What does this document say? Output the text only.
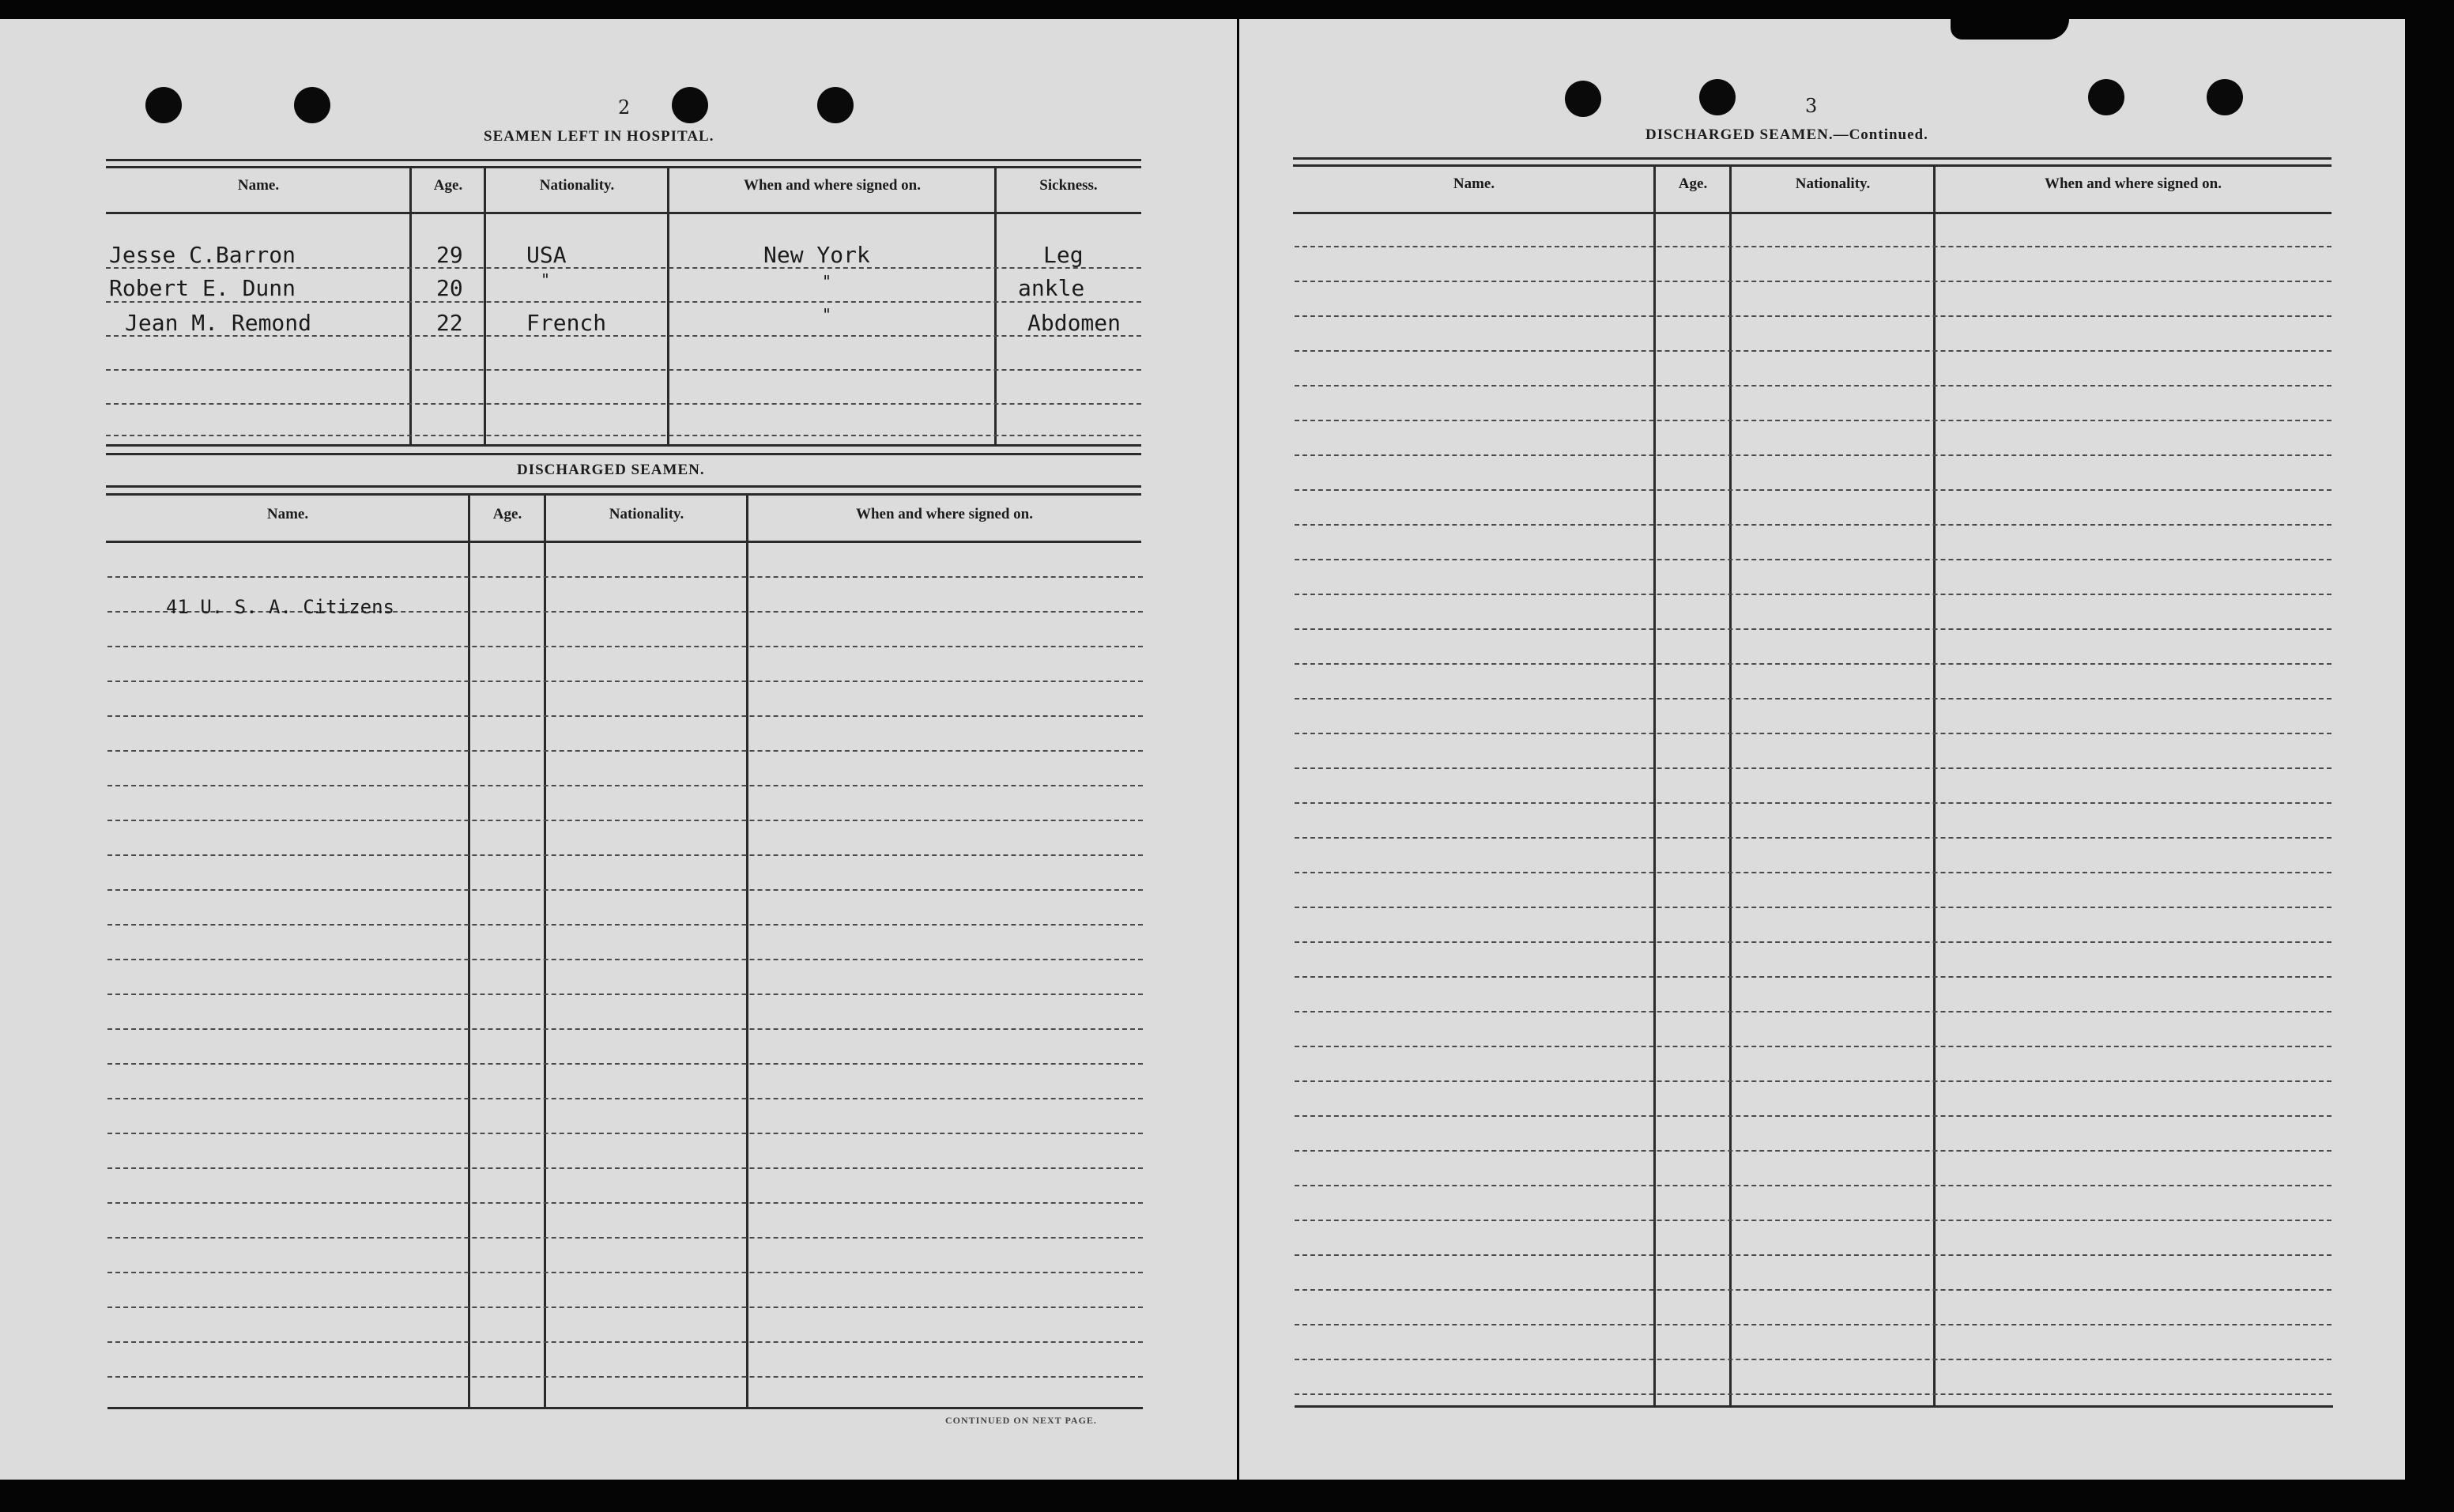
2
SEAMEN LEFT IN HOSPITAL.
Name.	Age.	Nationality.	When and where signed on.	Sickness.
Jesse C.Barron	29	USA	New York	Leg
Robert E. Dunn	20	"	"	ankle
Jean M. Remond	22	French	"	Abdomen
DISCHARGED SEAMEN.
Name.	Age.	Nationality.	When and where signed on.
41 U. S. A. Citizens
CONTINUED ON NEXT PAGE.
3
DISCHARGED SEAMEN.—Continued.
Name.	Age.	Nationality.	When and where signed on.
